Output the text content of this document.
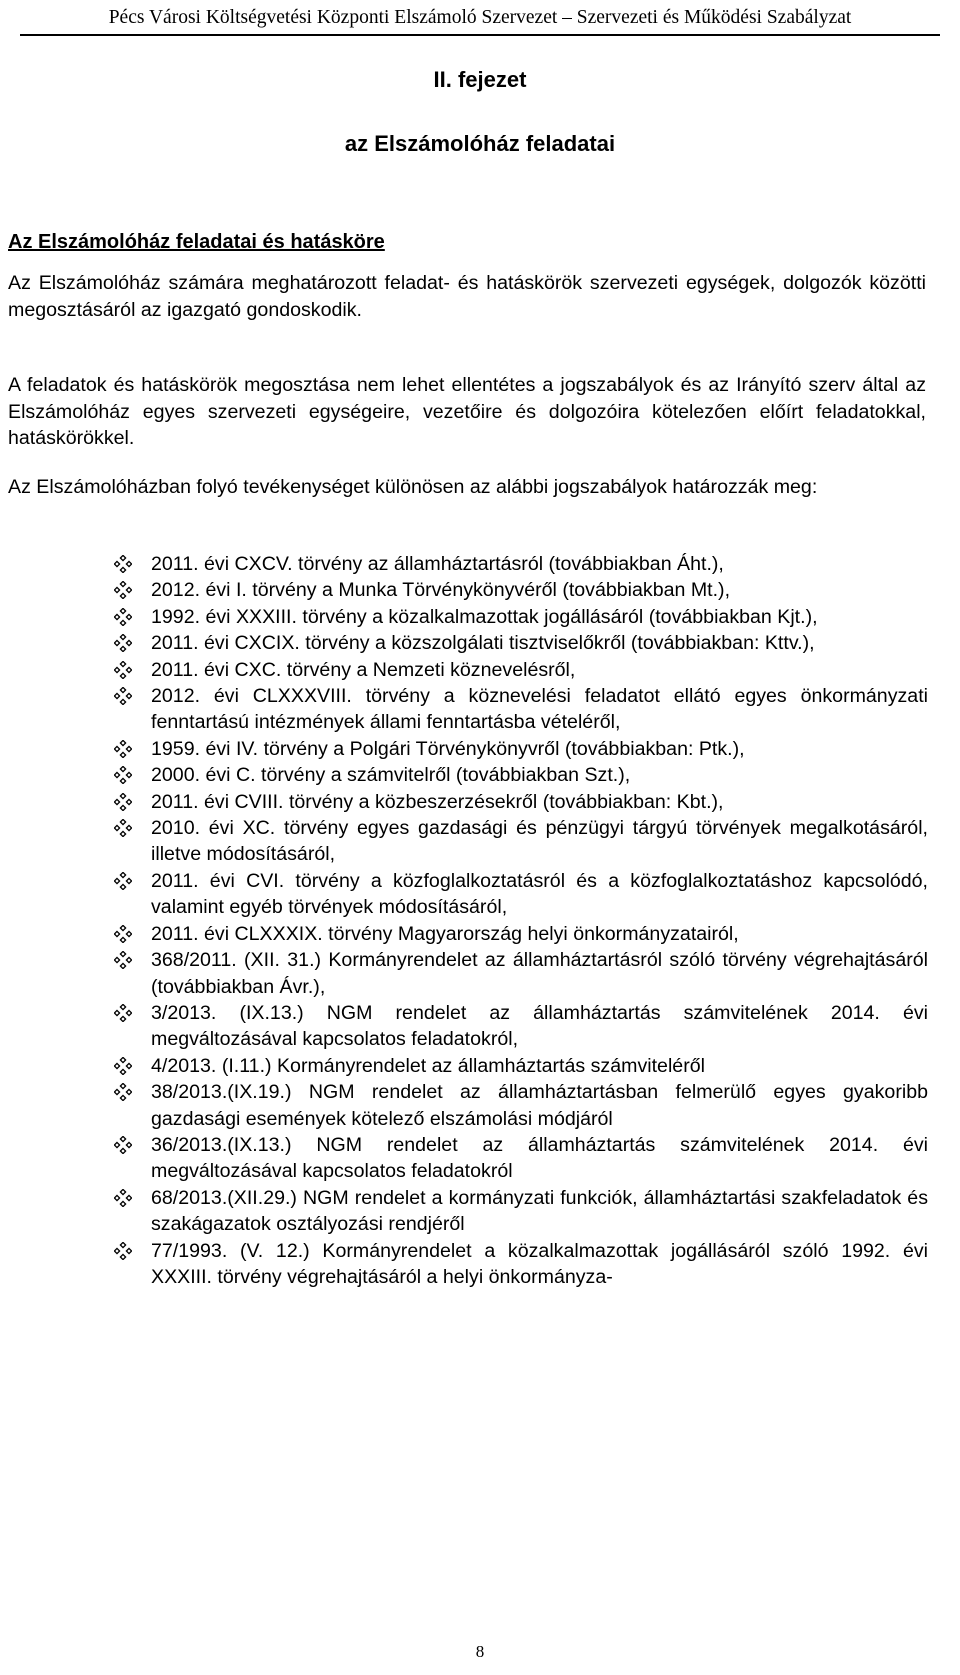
Pécs Városi Költségvetési Központi Elszámoló Szervezet – Szervezeti és Működési Szabályzat
II. fejezet
az Elszámolóház feladatai
Az Elszámolóház feladatai és hatásköre

Az Elszámolóház számára meghatározott feladat- és hatáskörök szervezeti egységek, dolgozók közötti megosztásáról az igazgató gondoskodik.

A feladatok és hatáskörök megosztása nem lehet ellentétes a jogszabályok és az Irányító szerv által az Elszámolóház egyes szervezeti egységeire, vezetőire és dolgozóira kötelezően előírt feladatokkal, hatáskörökkel.

Az Elszámolóházban folyó tevékenységet különösen az alábbi jogszabályok határozzák meg:

2011. évi CXCV. törvény az államháztartásról (továbbiakban Áht.),
2012. évi I. törvény a Munka Törvénykönyvéről (továbbiakban Mt.),
1992. évi XXXIII. törvény a közalkalmazottak jogállásáról (továbbiakban Kjt.),
2011. évi CXCIX. törvény a közszolgálati tisztviselőkről (továbbiakban: Kttv.),
2011. évi CXC. törvény a Nemzeti köznevelésről,
2012. évi CLXXXVIII. törvény a köznevelési feladatot ellátó egyes önkormányzati fenntartású intézmények állami fenntartásba vételéről,
1959. évi IV. törvény a Polgári Törvénykönyvről (továbbiakban: Ptk.),
2000. évi C. törvény a számvitelről (továbbiakban Szt.),
2011. évi CVIII. törvény a közbeszerzésekről (továbbiakban: Kbt.),
2010. évi XC. törvény egyes gazdasági és pénzügyi tárgyú törvények megalkotásáról, illetve módosításáról,
2011. évi CVI. törvény a közfoglalkoztatásról és a közfoglalkoztatáshoz kapcsolódó, valamint egyéb törvények módosításáról,
2011. évi CLXXXIX. törvény Magyarország helyi önkormányzatairól,
368/2011. (XII. 31.) Kormányrendelet az államháztartásról szóló törvény végrehajtásáról (továbbiakban Ávr.),
3/2013. (IX.13.) NGM rendelet az államháztartás számvitelének 2014. évi megváltozásával kapcsolatos feladatokról,
4/2013. (I.11.) Kormányrendelet az államháztartás számviteléről
38/2013.(IX.19.) NGM rendelet az államháztartásban felmerülő egyes gyakoribb gazdasági események kötelező elszámolási módjáról
36/2013.(IX.13.) NGM rendelet az államháztartás számvitelének 2014. évi megváltozásával kapcsolatos feladatokról
68/2013.(XII.29.) NGM rendelet a kormányzati funkciók, államháztartási szakfeladatok és szakágazatok osztályozási rendjéről
77/1993. (V. 12.) Kormányrendelet a közalkalmazottak jogállásáról szóló 1992. évi XXXIII. törvény végrehajtásáról a helyi önkormányza-
8
